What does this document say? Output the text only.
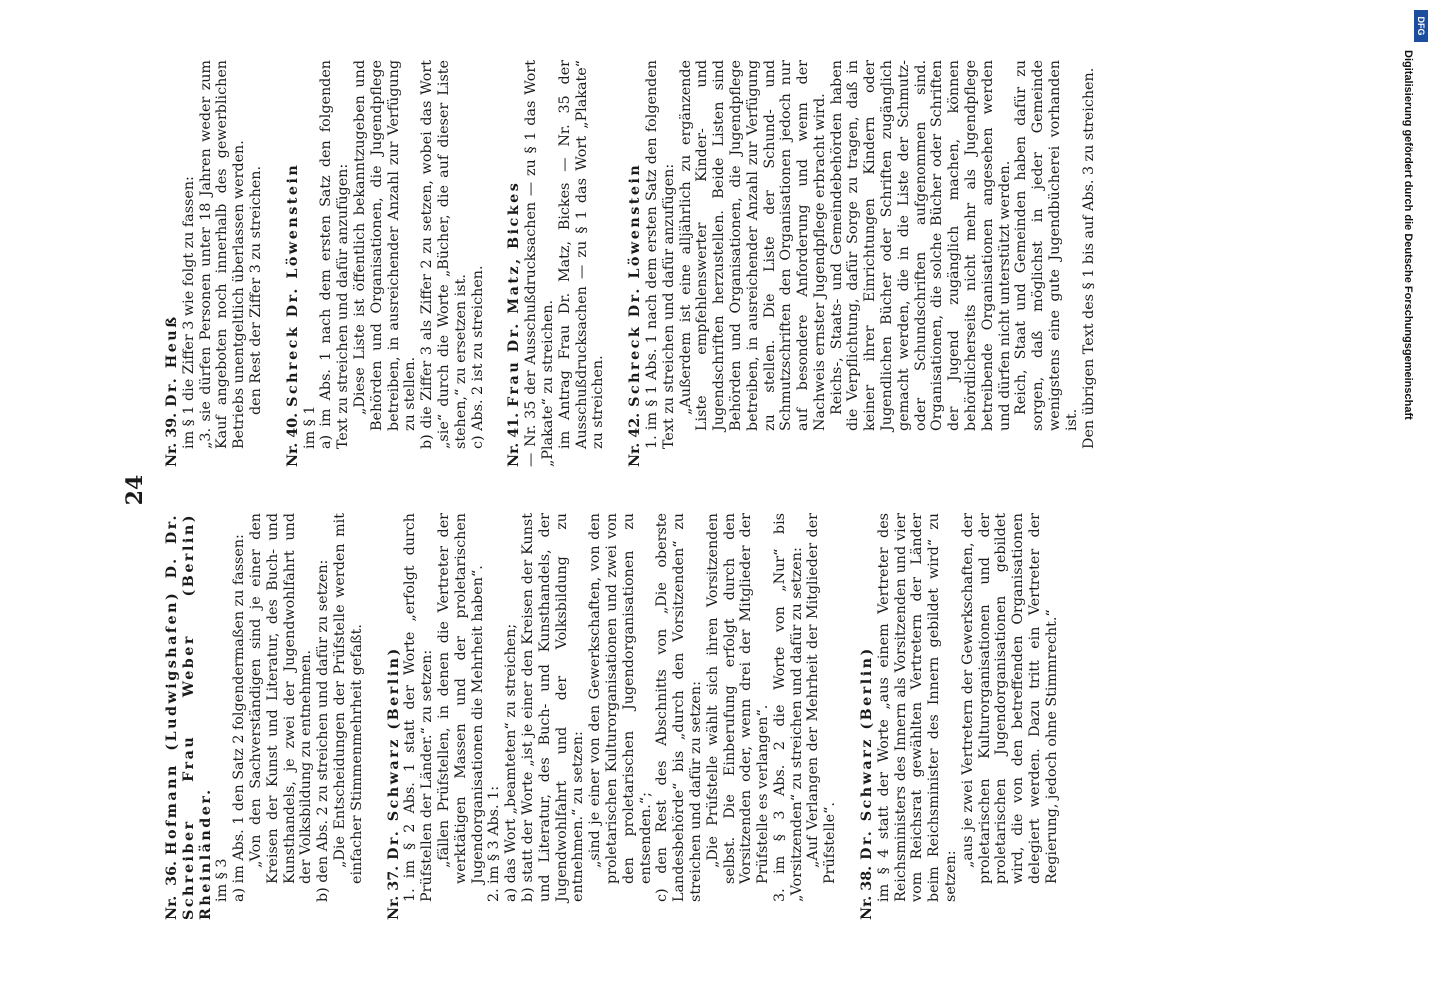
24

Nr. 36.Hofmann (Ludwigshafen) D. Dr. Schreiber Frau Weber (Berlin) Rheinländer. im § 3 a) im Abs. 1 den Satz 2 folgendermaßen zu fassen: „Von den Sachverständigen sind je einer den Kreisen der Kunst und Literatur, des Buch- und Kunsthandels, je zwei der Jugendwohlfahrt und der Volksbildung zu entnehmen. b) den Abs. 2 zu streichen und dafür zu setzen: „Die Entscheidungen der Prüfstelle werden mit einfacher Stimmenmehrheit gefaßt.

Nr. 37.Dr. Schwarz (Berlin) 1. im § 2 Abs. 1 statt der Worte „erfolgt durch Prüfstellen der Länder.“ zu setzen: „fällen Prüfstellen, in denen die Vertreter der werktätigen Massen und der proletarischen Jugendorganisationen die Mehrheit haben“. 2. im § 3 Abs. 1: a) das Wort „beamteten“ zu streichen; b) statt der Worte „ist je einer den Kreisen der Kunst und Literatur, des Buch- und Kunsthandels, der Jugendwohlfahrt und der Volksbildung zu entnehmen.“ zu setzen: „sind je einer von den Gewerkschaften, von den proletarischen Kulturorganisationen und zwei von den proletarischen Jugendorganisationen zu entsenden.“; c) den Rest des Abschnitts von „Die oberste Landesbehörde“ bis „durch den Vorsitzenden“ zu streichen und dafür zu setzen: „Die Prüfstelle wählt sich ihren Vorsitzenden selbst. Die Einberufung erfolgt durch den Vorsitzenden oder, wenn drei der Mitglieder der Prüfstelle es verlangen“. 3. im § 3 Abs. 2 die Worte von „Nur“ bis „Vorsitzenden“ zu streichen und dafür zu setzen: „Auf Verlangen der Mehrheit der Mitglieder der Prüfstelle“.

Nr. 38.Dr. Schwarz (Berlin) im § 4 statt der Worte „aus einem Vertreter des Reichsministers des Innern als Vorsitzenden und vier vom Reichsrat gewählten Vertretern der Länder beim Reichsminister des Innern gebildet wird“ zu setzen:

„aus je zwei Vertretern der Gewerkschaften, der proletarischen Kulturorganisationen und der proletarischen Jugendorganisationen gebildet wird, die von den betreffenden Organisationen delegiert werden. Dazu tritt ein Vertreter der Regierung, jedoch ohne Stimmrecht.“

Nr. 39.Dr. Heuß im § 1 die Ziffer 3 wie folgt zu fassen: „3. sie dürfen Personen unter 18 Jahren weder zum Kauf angeboten noch innerhalb des gewerblichen Betriebs unentgeltlich überlassen werden. den Rest der Ziffer 3 zu streichen.

Nr. 40.Schreck Dr. Löwenstein

im § 1 a) im Abs. 1 nach dem ersten Satz den folgenden Text zu streichen und dafür anzufügen: „Diese Liste ist öffentlich bekanntzugeben und Behörden und Organisationen, die Jugendpflege betreiben, in ausreichender Anzahl zur Verfügung zu stellen. b) die Ziffer 3 als Ziffer 2 zu setzen, wobei das Wort „sie“ durch die Worte „Bücher, die auf dieser Liste stehen,“ zu ersetzen ist. c) Abs. 2 ist zu streichen. Nr. 41.Frau Dr. Matz, Bickes — Nr. 35 der Ausschußdrucksachen — zu § 1 das Wort „Plakate“ zu streichen. im Antrag Frau Dr. Matz, Bickes — Nr. 35 der Ausschußdrucksachen — zu § 1 das Wort „Plakate“ zu streichen. Nr. 42.Schreck Dr. Löwenstein 1. im § 1 Abs. 1 nach dem ersten Satz den folgenden Text zu streichen und dafür anzufügen: „Außerdem ist eine alljährlich zu ergänzende Liste empfehlenswerter Kinder- und Jugendschriften herzustellen. Beide Listen sind Behörden und Organisationen, die Jugendpflege betreiben, in ausreichender Anzahl zur Verfügung zu stellen. Die Liste der Schund- und Schmutzschriften den Organisationen jedoch nur auf besondere Anforderung und wenn der Nachweis ernster Jugendpflege erbracht wird. Reichs-, Staats- und Gemeindebehörden haben die Verpflichtung, dafür Sorge zu tragen, daß in keiner ihrer Einrichtungen Kindern oder Jugendlichen Bücher oder Schriften zugänglich gemacht werden, die in die Liste der Schmutz- oder Schundschriften aufgenommen sind. Organisationen, die solche Bücher oder Schriften der Jugend zugänglich machen, können behördlicherseits nicht mehr als Jugendpflege betreibende Organisationen angesehen werden und dürfen nicht unterstützt werden. Reich, Staat und Gemeinden haben dafür zu sorgen, daß möglichst in jeder Gemeinde wenigstens eine gute Jugendbücherei vorhanden ist. Den übrigen Text des § 1 bis auf Abs. 3 zu streichen.

DFG
Digitalisierung gefördert durch die Deutsche Forschungsgemeinschaft
